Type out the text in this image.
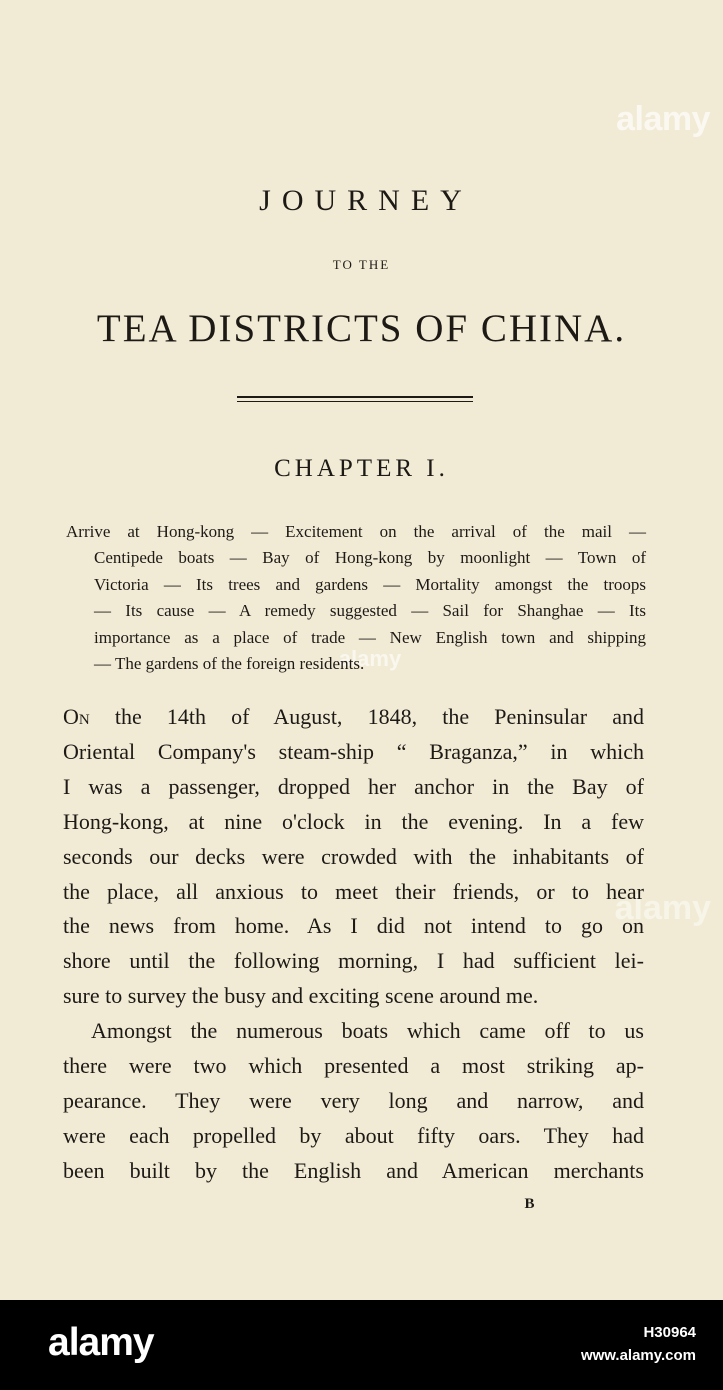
alamy
alamy
alamy
JOURNEY
TO THE
TEA DISTRICTS OF CHINA.
CHAPTER I.
Arrive at Hong-kong — Excitement on the arrival of the mail —
Centipede boats — Bay of Hong-kong by moonlight — Town of
Victoria — Its trees and gardens — Mortality amongst the troops
— Its cause — A remedy suggested — Sail for Shanghae — Its
importance as a place of trade — New English town and shipping
— The gardens of the foreign residents.
On the 14th of August, 1848, the Peninsular and
Oriental Company's steam-ship “ Braganza,” in which
I was a passenger, dropped her anchor in the Bay of
Hong-kong, at nine o'clock in the evening. In a few
seconds our decks were crowded with the inhabitants of
the place, all anxious to meet their friends, or to hear
the news from home. As I did not intend to go on
shore until the following morning, I had sufficient lei-
sure to survey the busy and exciting scene around me.
Amongst the numerous boats which came off to us
there were two which presented a most striking ap-
pearance. They were very long and narrow, and
were each propelled by about fifty oars. They had
been built by the English and American merchants
B
alamy	H30964
www.alamy.com
